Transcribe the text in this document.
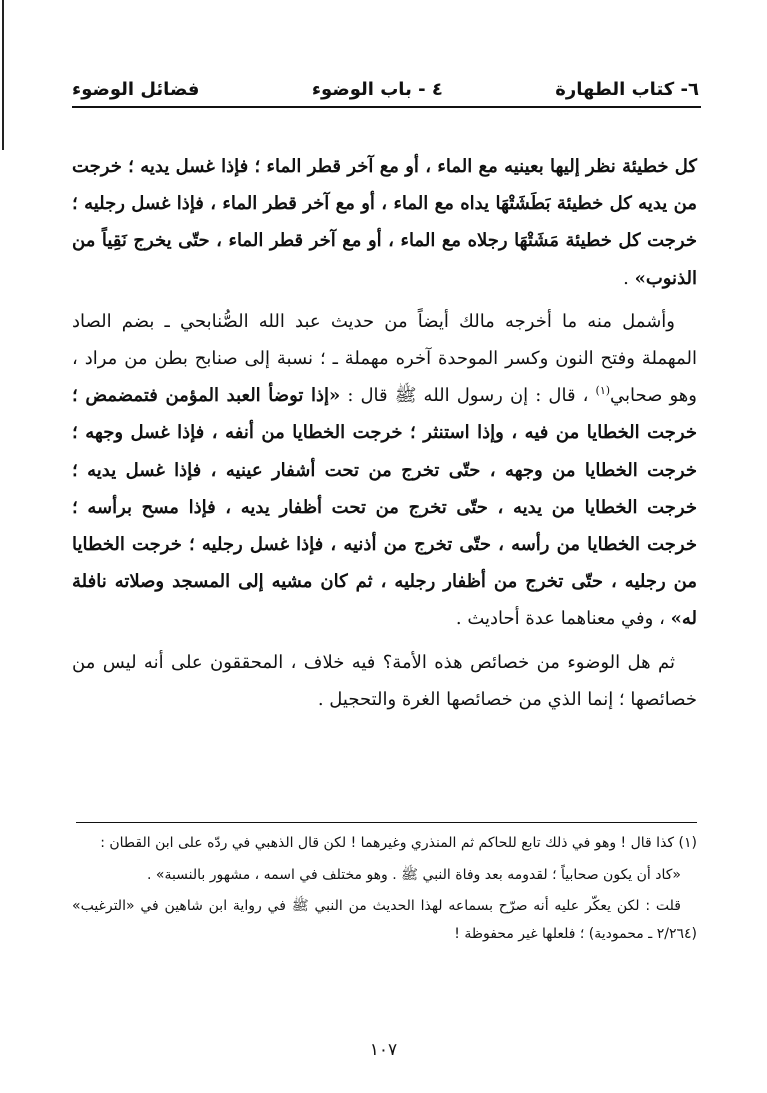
٦- كتاب الطهارة
٤ - باب الوضوء
فضائل الوضوء

كل خطيئة نظر إليها بعينيه مع الماء ، أو مع آخر قطر الماء ؛ فإذا غسل يديه ؛ خرجت من يديه كل خطيئة بَطَشَتْهَا يداه مع الماء ، أو مع آخر قطر الماء ، فإذا غسل رجليه ؛ خرجت كل خطيئة مَشَتْهَا رجلاه مع الماء ، أو مع آخر قطر الماء ، حتّى يخرج نَقِياً من الذنوب» .

وأشمل منه ما أخرجه مالك أيضاً من حديث عبد الله الصُّنابحي ـ بضم الصاد المهملة وفتح النون وكسر الموحدة آخره مهملة ـ ؛ نسبة إلى صنابح بطن من مراد ، وهو صحابي$^{(١)}$ ، قال : إن رسول الله ﷺ قال : «إذا توضأ العبد المؤمن فتمضمض ؛ خرجت الخطايا من فيه ، وإذا استنثر ؛ خرجت الخطايا من أنفه ، فإذا غسل وجهه ؛ خرجت الخطايا من وجهه ، حتّى تخرج من تحت أشفار عينيه ، فإذا غسل يديه ؛ خرجت الخطايا من يديه ، حتّى تخرج من تحت أظفار يديه ، فإذا مسح برأسه ؛ خرجت الخطايا من رأسه ، حتّى تخرج من أذنيه ، فإذا غسل رجليه ؛ خرجت الخطايا من رجليه ، حتّى تخرج من أظفار رجليه ، ثم كان مشيه إلى المسجد وصلاته نافلة له» ، وفي معناهما عدة أحاديث .

ثم هل الوضوء من خصائص هذه الأمة؟ فيه خلاف ، المحققون على أنه ليس من خصائصها ؛ إنما الذي من خصائصها الغرة والتحجيل .

(١) كذا قال ! وهو في ذلك تابع للحاكم ثم المنذري وغيرهما ! لكن قال الذهبي في ردّه على ابن القطان :

«كاد أن يكون صحابياً ؛ لقدومه بعد وفاة النبي ﷺ . وهو مختلف في اسمه ، مشهور بالنسبة» .

قلت : لكن يعكّر عليه أنه صرّح بسماعه لهذا الحديث من النبي ﷺ في رواية ابن شاهين في «الترغيب» (٢/٢٦٤ ـ محمودية) ؛ فلعلها غير محفوظة !

١٠٧
